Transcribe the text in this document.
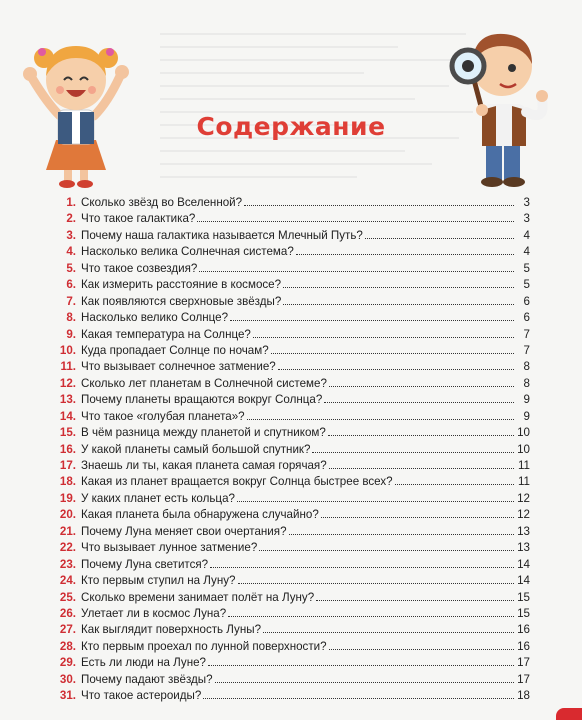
Содержание
1. Сколько звёзд во Вселенной?	3
2. Что такое галактика?	3
3. Почему наша галактика называется Млечный Путь?	4
4. Насколько велика Солнечная система?	4
5. Что такое созвездия?	5
6. Как измерить расстояние в космосе?	5
7. Как появляются сверхновые звёзды?	6
8. Насколько велико Солнце?	6
9. Какая температура на Солнце?	7
10. Куда пропадает Солнце по ночам?	7
11. Что вызывает солнечное затмение?	8
12. Сколько лет планетам в Солнечной системе?	8
13. Почему планеты вращаются вокруг Солнца?	9
14. Что такое «голубая планета»?	9
15. В чём разница между планетой и спутником?	10
16. У какой планеты самый большой спутник?	10
17. Знаешь ли ты, какая планета самая горячая?	11
18. Какая из планет вращается вокруг Солнца быстрее всех?	11
19. У каких планет есть кольца?	12
20. Какая планета была обнаружена случайно?	12
21. Почему Луна меняет свои очертания?	13
22. Что вызывает лунное затмение?	13
23. Почему Луна светится?	14
24. Кто первым ступил на Луну?	14
25. Сколько времени занимает полёт на Луну?	15
26. Улетает ли в космос Луна?	15
27. Как выглядит поверхность Луны?	16
28. Кто первым проехал по лунной поверхности?	16
29. Есть ли люди на Луне?	17
30. Почему падают звёзды?	17
31. Что такое астероиды?	18
